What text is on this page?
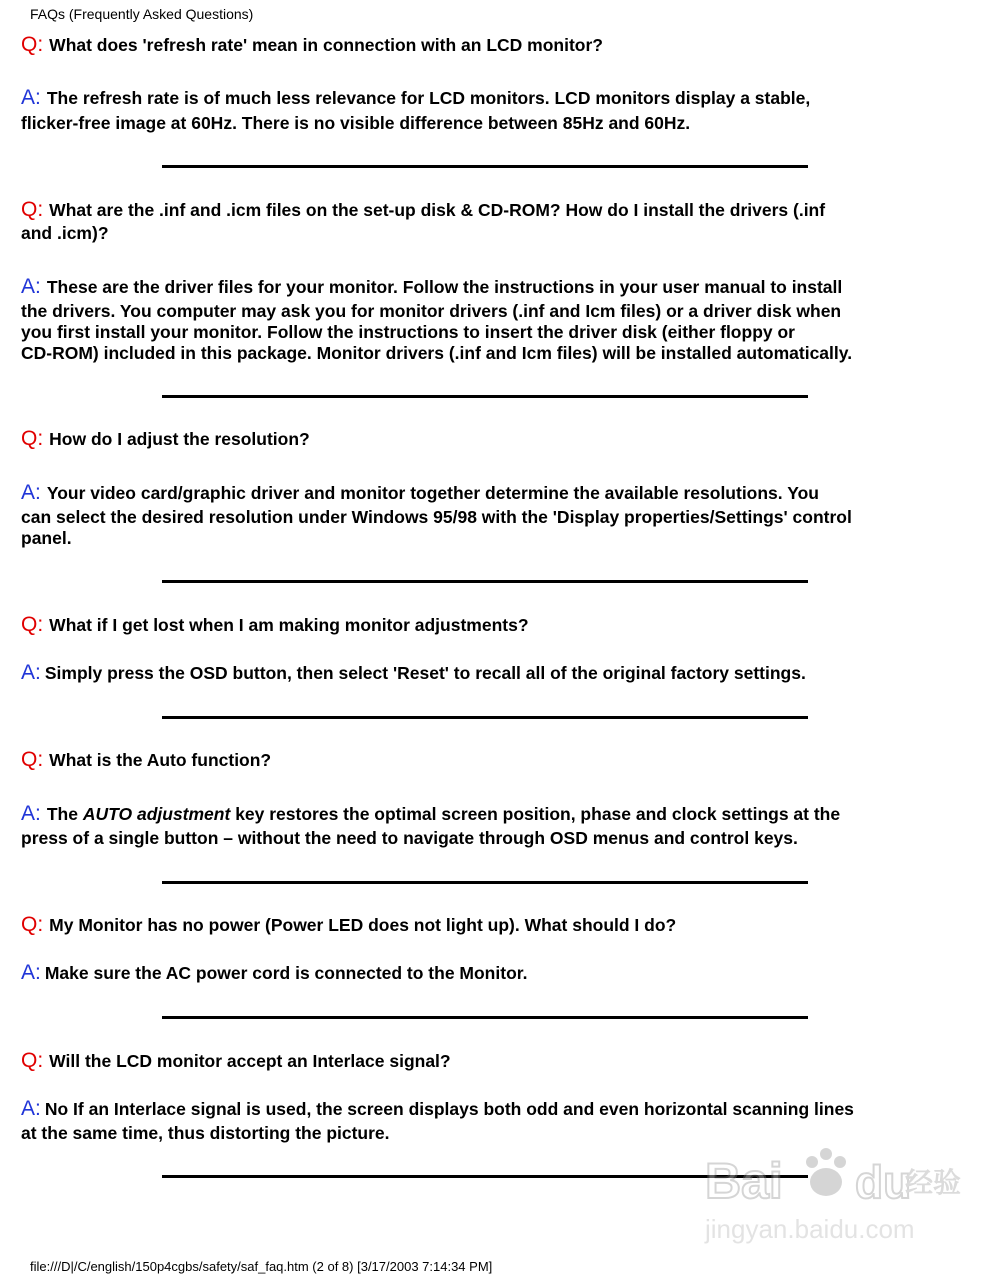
FAQs (Frequently Asked Questions)

Q: What does 'refresh rate' mean in connection with an LCD monitor?

A: The refresh rate is of much less relevance for LCD monitors. LCD monitors display a stable,

flicker-free image at 60Hz. There is no visible difference between 85Hz and 60Hz.

Q: What are the .inf and .icm files on the set-up disk & CD-ROM? How do I install the drivers (.inf

and .icm)?

A: These are the driver files for your monitor. Follow the instructions in your user manual to install

the drivers. You computer may ask you for monitor drivers (.inf and Icm files) or a driver disk when

you first install your monitor. Follow the instructions to insert the driver disk (either floppy or

CD-ROM) included in this package. Monitor drivers (.inf and Icm files) will be installed automatically.

Q: How do I adjust the resolution?

A: Your video card/graphic driver and monitor together determine the available resolutions. You

can select the desired resolution under Windows 95/98 with the 'Display properties/Settings' control

panel.

Q: What if I get lost when I am making monitor adjustments?

A: Simply press the OSD button, then select 'Reset' to recall all of the original factory settings.

Q: What is the Auto function?

A: The AUTO adjustment key restores the optimal screen position, phase and clock settings at the

press of a single button – without the need to navigate through OSD menus and control keys.

Q: My Monitor has no power (Power LED does not light up). What should I do?

A: Make sure the AC power cord is connected to the Monitor.

Q: Will the LCD monitor accept an Interlace signal?

A: No If an Interlace signal is used, the screen displays both odd and even horizontal scanning lines

at the same time, thus distorting the picture.

Bai du
经验
jingyan.baidu.com
file:///D|/C/english/150p4cgbs/safety/saf_faq.htm (2 of 8) [3/17/2003 7:14:34 PM]
